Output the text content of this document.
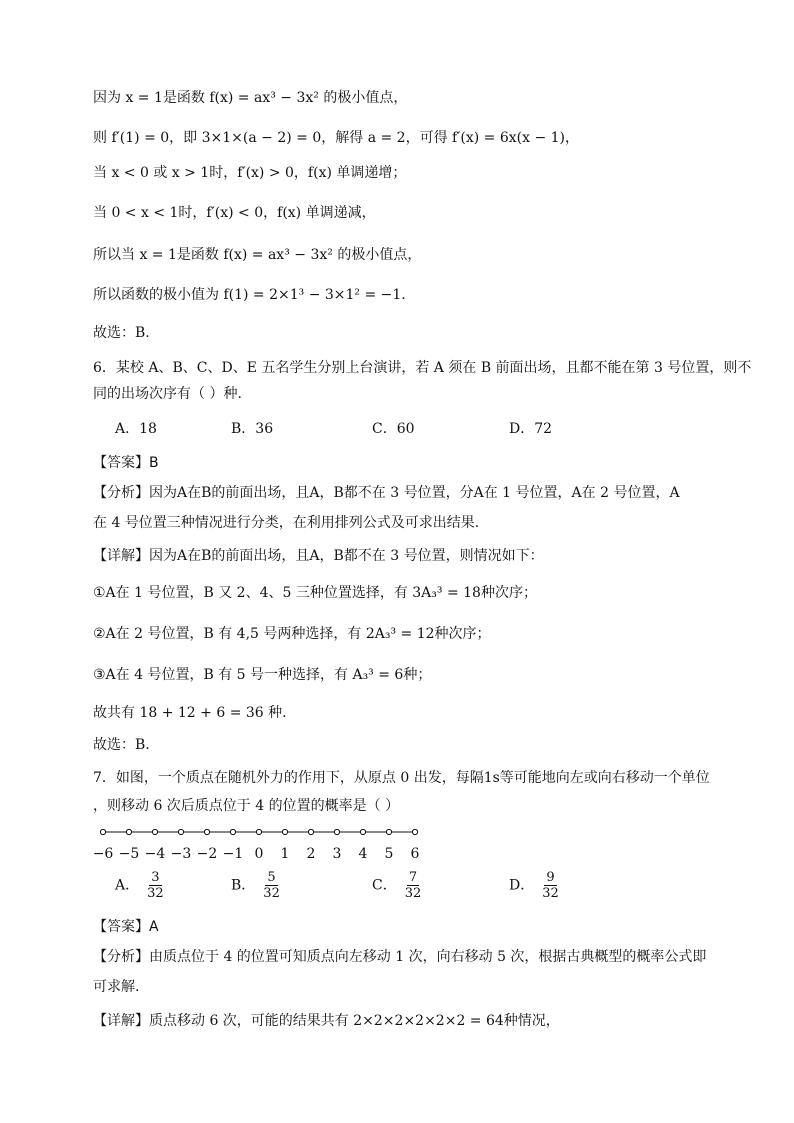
因为 x = 1是函数 f(x) = ax³ − 3x² 的极小值点，
则 f′(1) = 0，即 3×1×(a − 2) = 0，解得 a = 2，可得 f′(x) = 6x(x − 1)，
当 x < 0 或 x > 1时，f′(x) > 0，f(x) 单调递增；
当 0 < x < 1时，f′(x) < 0，f(x) 单调递减，
所以当 x = 1是函数 f(x) = ax³ − 3x² 的极小值点，
所以函数的极小值为 f(1) = 2×1³ − 3×1² = −1.
故选：B.
6．某校 A、B、C、D、E 五名学生分别上台演讲，若 A 须在 B 前面出场，且都不能在第 3 号位置，则不
同的出场次序有（ ）种.
A．18	B．36	C．60	D．72
【答案】B
【分析】因为A在B的前面出场，且A，B都不在 3 号位置，分A在 1 号位置，A在 2 号位置，A
在 4 号位置三种情况进行分类，在利用排列公式及可求出结果.
【详解】因为A在B的前面出场，且A，B都不在 3 号位置，则情况如下：
①A在 1 号位置，B 又 2、4、5 三种位置选择，有 3A₃³ = 18种次序；
②A在 2 号位置，B 有 4,5 号两种选择，有 2A₃³ = 12种次序；
③A在 4 号位置，B 有 5 号一种选择，有 A₃³ = 6种；
故共有 18 + 12 + 6 = 36 种.
故选：B.
7．如图，一个质点在随机外力的作用下，从原点 0 出发，每隔1s等可能地向左或向右移动一个单位
，则移动 6 次后质点位于 4 的位置的概率是（ ）
−6 −5 −4 −3 −2 −1 0 1 2 3 4 5 6
A． $\frac{3}{32}$	B． $\frac{5}{32}$	C． $\frac{7}{32}$	D． $\frac{9}{32}$
【答案】A
【分析】由质点位于 4 的位置可知质点向左移动 1 次，向右移动 5 次，根据古典概型的概率公式即
可求解.
【详解】质点移动 6 次，可能的结果共有 2×2×2×2×2×2 = 64种情况，
